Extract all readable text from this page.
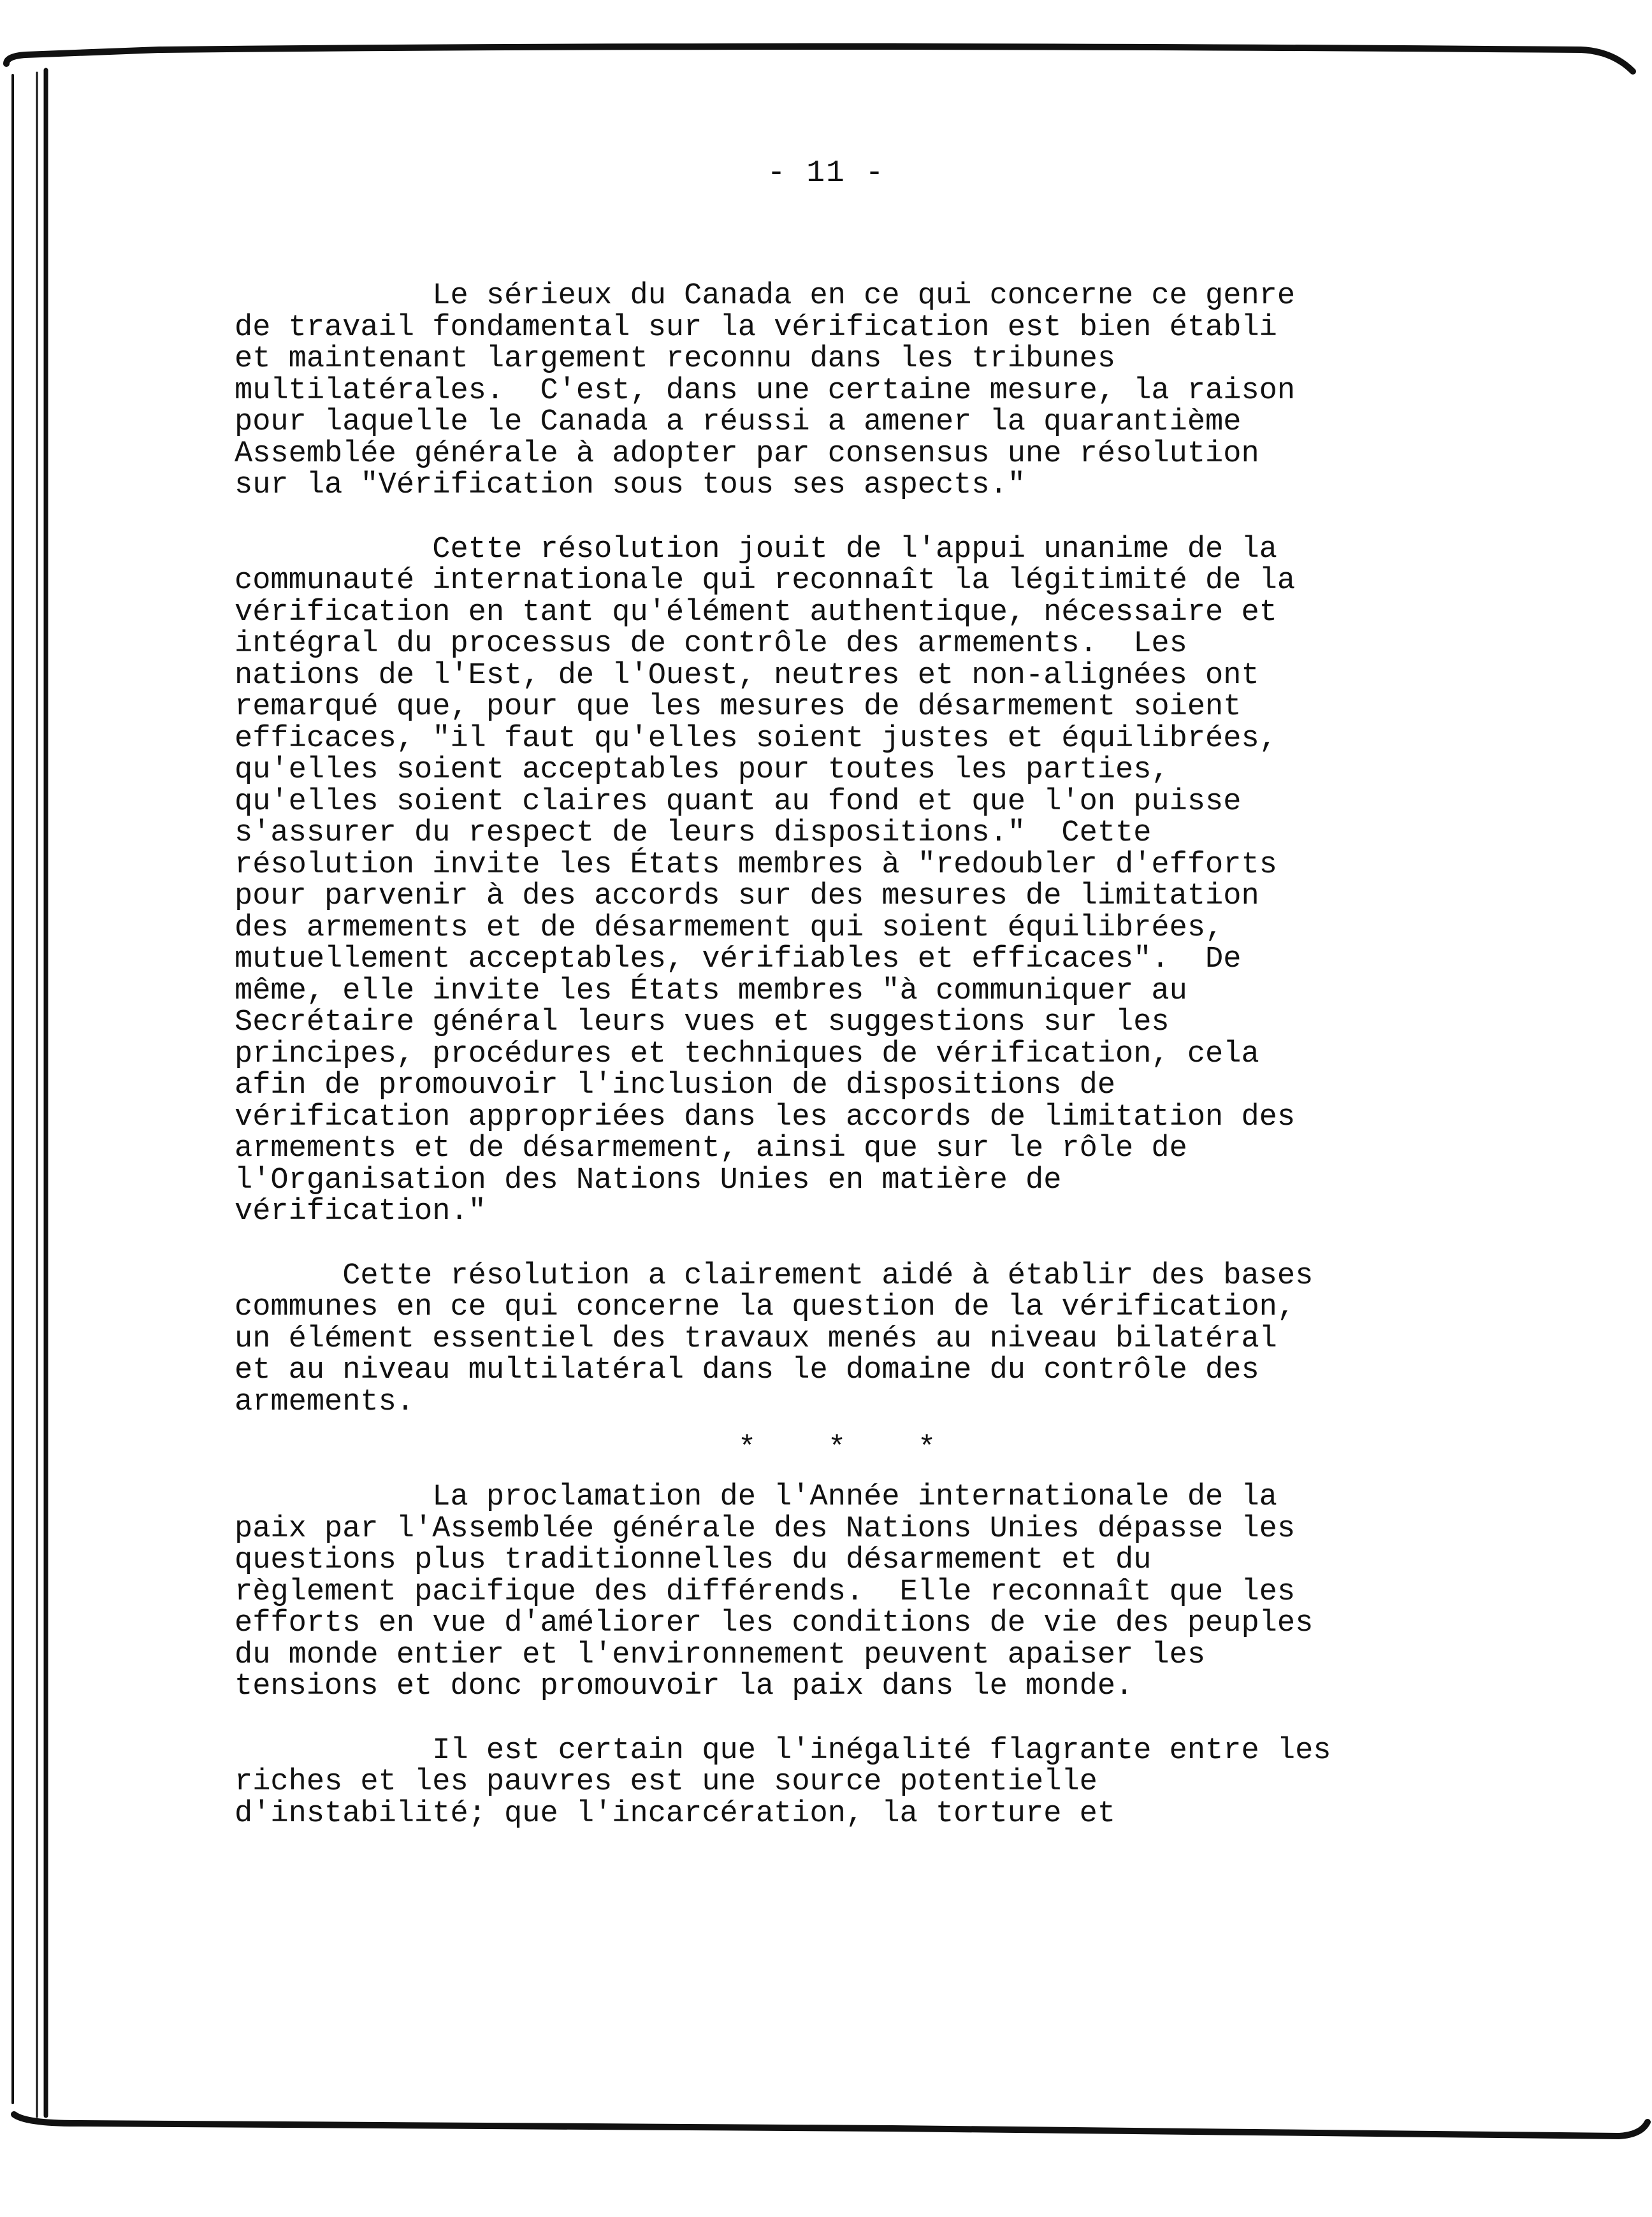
- 11 -

Le sérieux du Canada en ce qui concerne ce genre
de travail fondamental sur la vérification est bien établi
et maintenant largement reconnu dans les tribunes
multilatérales.  C'est, dans une certaine mesure, la raison
pour laquelle le Canada a réussi a amener la quarantième
Assemblée générale à adopter par consensus une résolution
sur la "Vérification sous tous ses aspects."

Cette résolution jouit de l'appui unanime de la
communauté internationale qui reconnaît la légitimité de la
vérification en tant qu'élément authentique, nécessaire et
intégral du processus de contrôle des armements.  Les
nations de l'Est, de l'Ouest, neutres et non-alignées ont
remarqué que, pour que les mesures de désarmement soient
efficaces, "il faut qu'elles soient justes et équilibrées,
qu'elles soient acceptables pour toutes les parties,
qu'elles soient claires quant au fond et que l'on puisse
s'assurer du respect de leurs dispositions."  Cette
résolution invite les États membres à "redoubler d'efforts
pour parvenir à des accords sur des mesures de limitation
des armements et de désarmement qui soient équilibrées,
mutuellement acceptables, vérifiables et efficaces".  De
même, elle invite les États membres "à communiquer au
Secrétaire général leurs vues et suggestions sur les
principes, procédures et techniques de vérification, cela
afin de promouvoir l'inclusion de dispositions de
vérification appropriées dans les accords de limitation des
armements et de désarmement, ainsi que sur le rôle de
l'Organisation des Nations Unies en matière de
vérification."

Cette résolution a clairement aidé à établir des bases
communes en ce qui concerne la question de la vérification,
un élément essentiel des travaux menés au niveau bilatéral
et au niveau multilatéral dans le domaine du contrôle des
armements.

*    *    *

La proclamation de l'Année internationale de la
paix par l'Assemblée générale des Nations Unies dépasse les
questions plus traditionnelles du désarmement et du
règlement pacifique des différends.  Elle reconnaît que les
efforts en vue d'améliorer les conditions de vie des peuples
du monde entier et l'environnement peuvent apaiser les
tensions et donc promouvoir la paix dans le monde.

Il est certain que l'inégalité flagrante entre les
riches et les pauvres est une source potentielle
d'instabilité; que l'incarcération, la torture et
